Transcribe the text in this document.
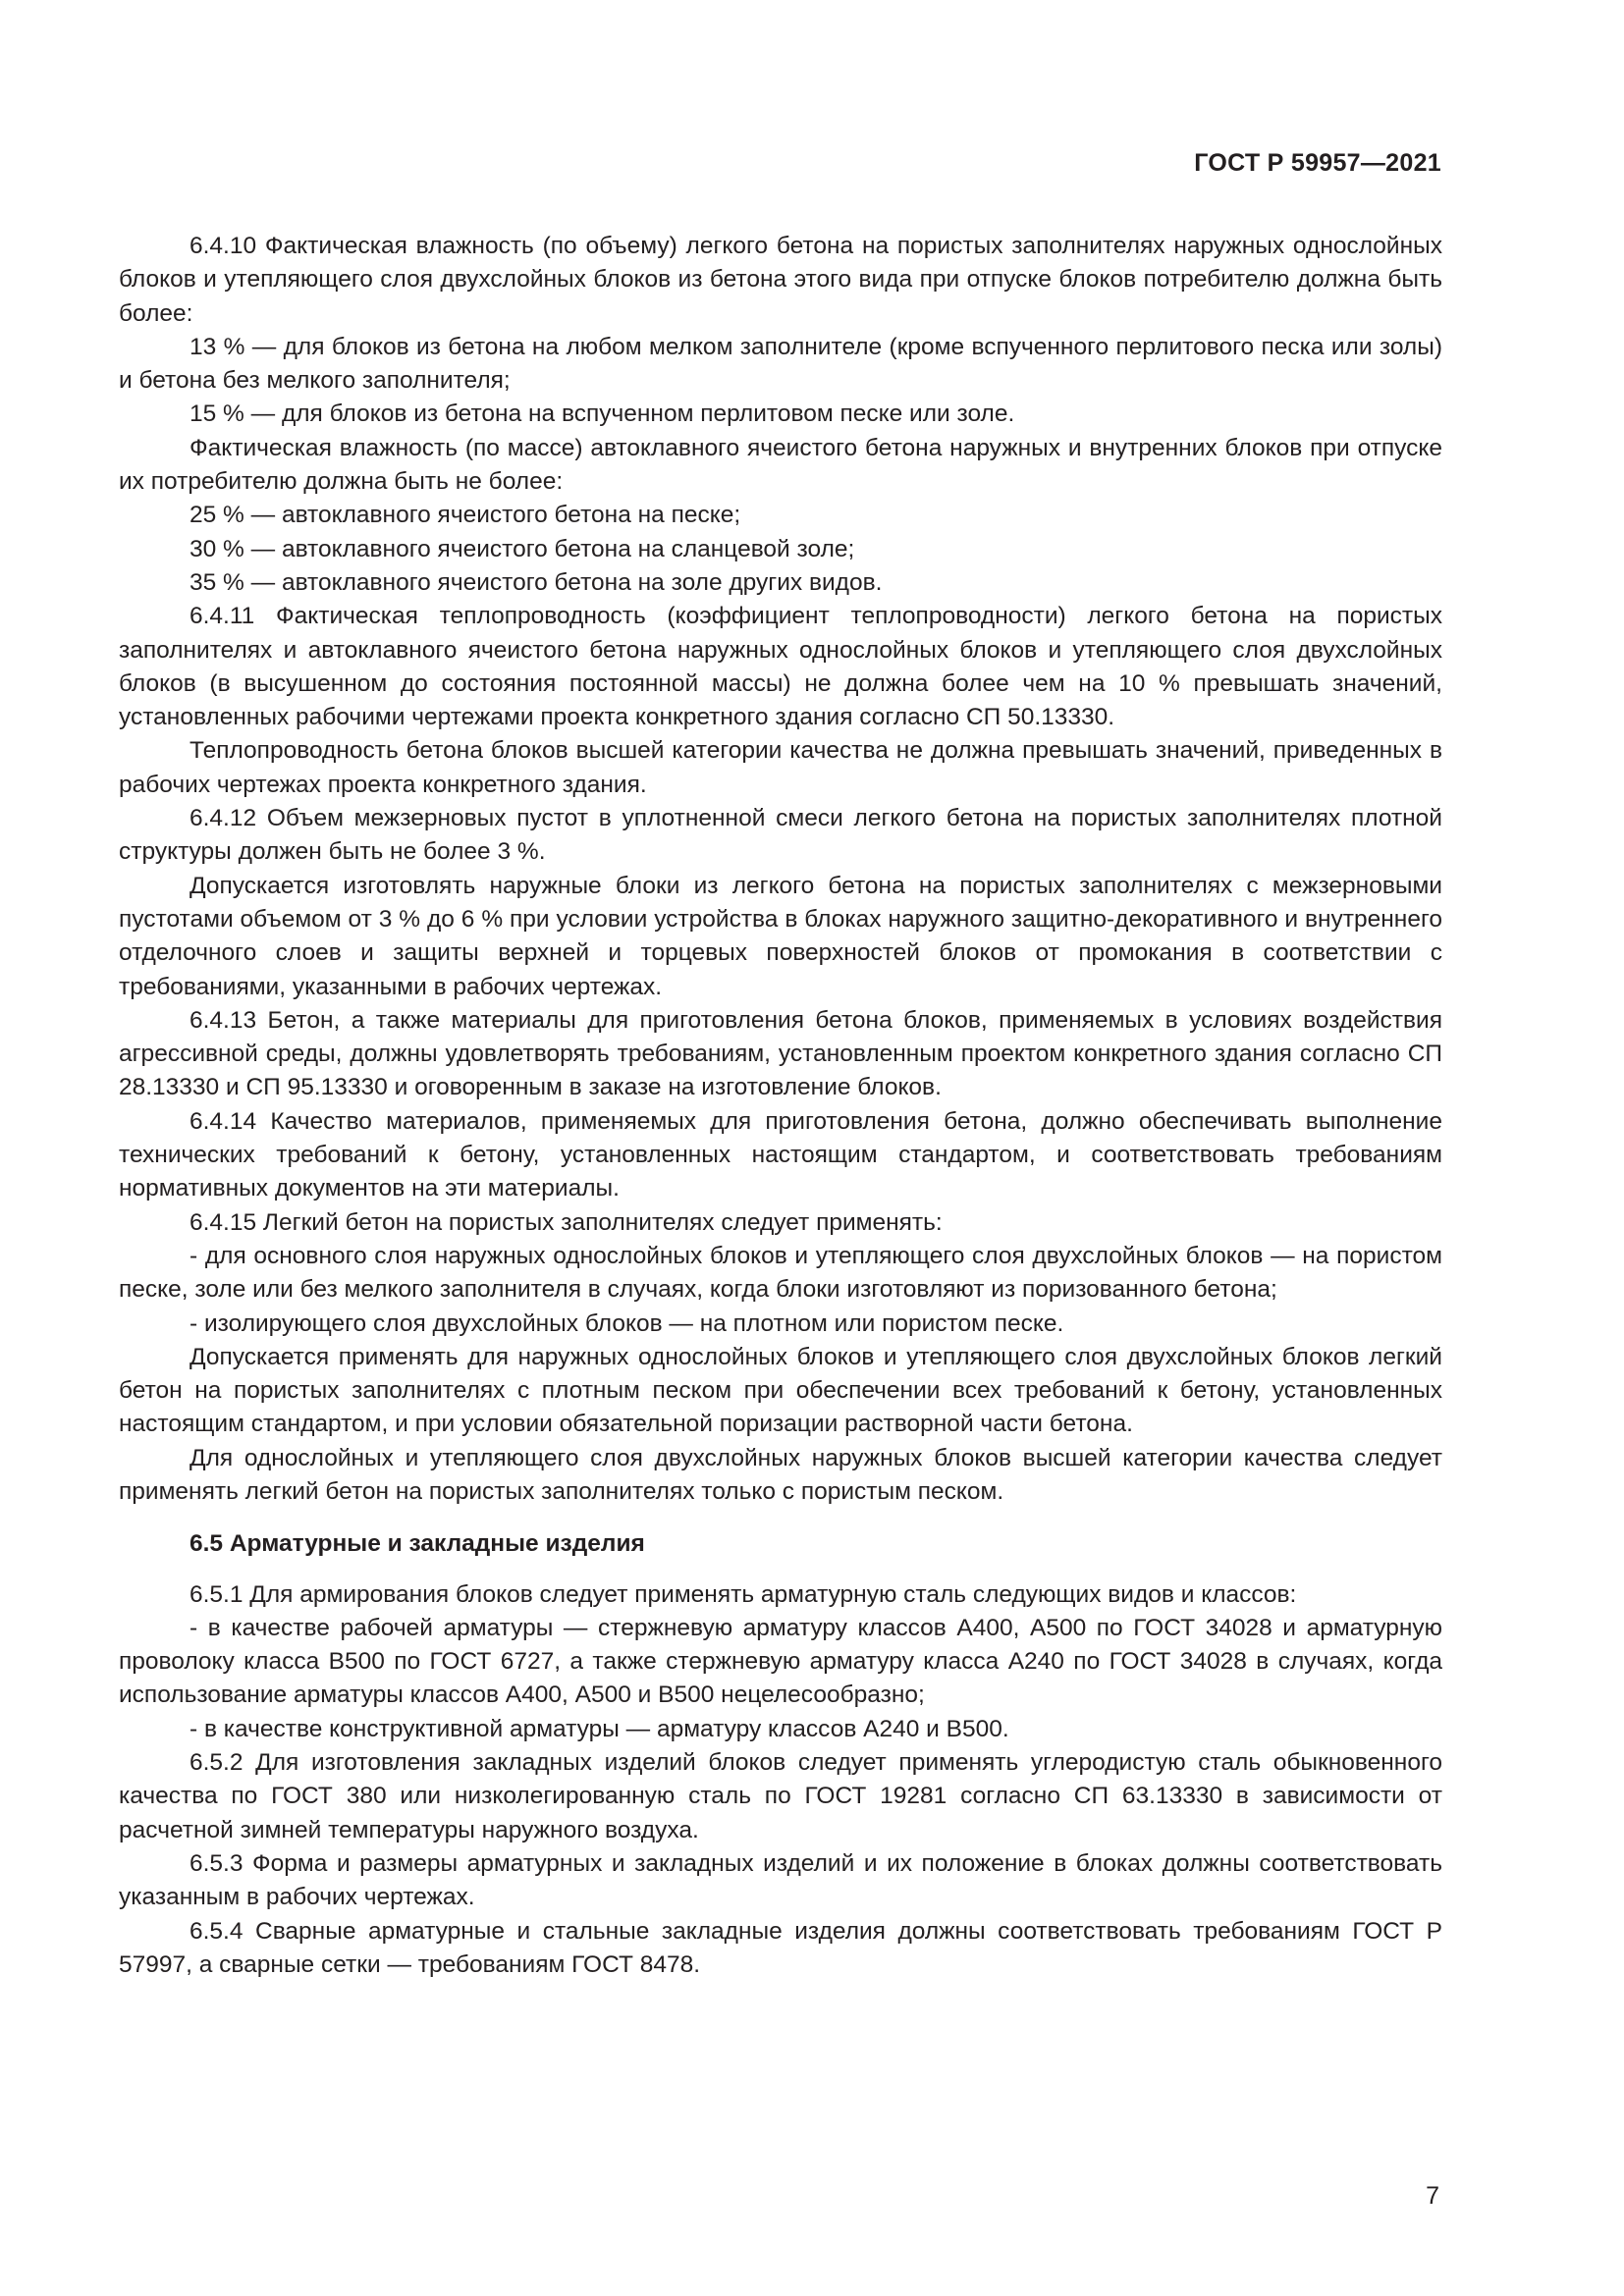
ГОСТ Р 59957—2021

6.4.10 Фактическая влажность (по объему) легкого бетона на пористых заполнителях наружных однослойных блоков и утепляющего слоя двухслойных блоков из бетона этого вида при отпуске блоков потребителю должна быть более:

13 % — для блоков из бетона на любом мелком заполнителе (кроме вспученного перлитового песка или золы) и бетона без мелкого заполнителя;

15 % — для блоков из бетона на вспученном перлитовом песке или золе.

Фактическая влажность (по массе) автоклавного ячеистого бетона наружных и внутренних блоков при отпуске их потребителю должна быть не более:

25 % — автоклавного ячеистого бетона на песке;

30 % — автоклавного ячеистого бетона на сланцевой золе;

35 % — автоклавного ячеистого бетона на золе других видов.

6.4.11 Фактическая теплопроводность (коэффициент теплопроводности) легкого бетона на пористых заполнителях и автоклавного ячеистого бетона наружных однослойных блоков и утепляющего слоя двухслойных блоков (в высушенном до состояния постоянной массы) не должна более чем на 10 % превышать значений, установленных рабочими чертежами проекта конкретного здания согласно СП 50.13330.

Теплопроводность бетона блоков высшей категории качества не должна превышать значений, приведенных в рабочих чертежах проекта конкретного здания.

6.4.12 Объем межзерновых пустот в уплотненной смеси легкого бетона на пористых заполнителях плотной структуры должен быть не более 3 %.

Допускается изготовлять наружные блоки из легкого бетона на пористых заполнителях с межзерновыми пустотами объемом от 3 % до 6 % при условии устройства в блоках наружного защитно-декоративного и внутреннего отделочного слоев и защиты верхней и торцевых поверхностей блоков от промокания в соответствии с требованиями, указанными в рабочих чертежах.

6.4.13 Бетон, а также материалы для приготовления бетона блоков, применяемых в условиях воздействия агрессивной среды, должны удовлетворять требованиям, установленным проектом конкретного здания согласно СП 28.13330 и СП 95.13330 и оговоренным в заказе на изготовление блоков.

6.4.14 Качество материалов, применяемых для приготовления бетона, должно обеспечивать выполнение технических требований к бетону, установленных настоящим стандартом, и соответствовать требованиям нормативных документов на эти материалы.

6.4.15 Легкий бетон на пористых заполнителях следует применять:

- для основного слоя наружных однослойных блоков и утепляющего слоя двухслойных блоков — на пористом песке, золе или без мелкого заполнителя в случаях, когда блоки изготовляют из поризованного бетона;

- изолирующего слоя двухслойных блоков — на плотном или пористом песке.

Допускается применять для наружных однослойных блоков и утепляющего слоя двухслойных блоков легкий бетон на пористых заполнителях с плотным песком при обеспечении всех требований к бетону, установленных настоящим стандартом, и при условии обязательной поризации растворной части бетона.

Для однослойных и утепляющего слоя двухслойных наружных блоков высшей категории качества следует применять легкий бетон на пористых заполнителях только с пористым песком.

6.5 Арматурные и закладные изделия

6.5.1 Для армирования блоков следует применять арматурную сталь следующих видов и классов:

- в качестве рабочей арматуры — стержневую арматуру классов А400, А500 по ГОСТ 34028 и арматурную проволоку класса В500 по ГОСТ 6727, а также стержневую арматуру класса А240 по ГОСТ 34028 в случаях, когда использование арматуры классов А400, А500 и В500 нецелесообразно;

- в качестве конструктивной арматуры — арматуру классов А240 и В500.

6.5.2 Для изготовления закладных изделий блоков следует применять углеродистую сталь обыкновенного качества по ГОСТ 380 или низколегированную сталь по ГОСТ 19281 согласно СП 63.13330 в зависимости от расчетной зимней температуры наружного воздуха.

6.5.3 Форма и размеры арматурных и закладных изделий и их положение в блоках должны соответствовать указанным в рабочих чертежах.

6.5.4 Сварные арматурные и стальные закладные изделия должны соответствовать требованиям ГОСТ Р 57997, а сварные сетки — требованиям ГОСТ 8478.

7
